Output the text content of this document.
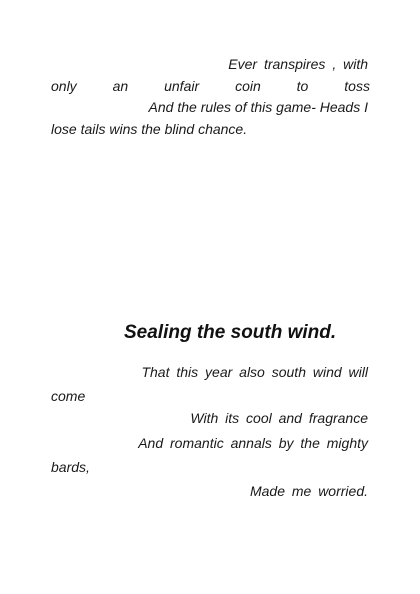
Ever transpires , with
only	an	unfair	coin	to	toss
And the rules of this game- Heads I
lose tails wins the blind chance.
Sealing the south wind.
That this year also south wind will
come
With its cool and fragrance
And romantic annals by the mighty
bards,
Made me worried.
